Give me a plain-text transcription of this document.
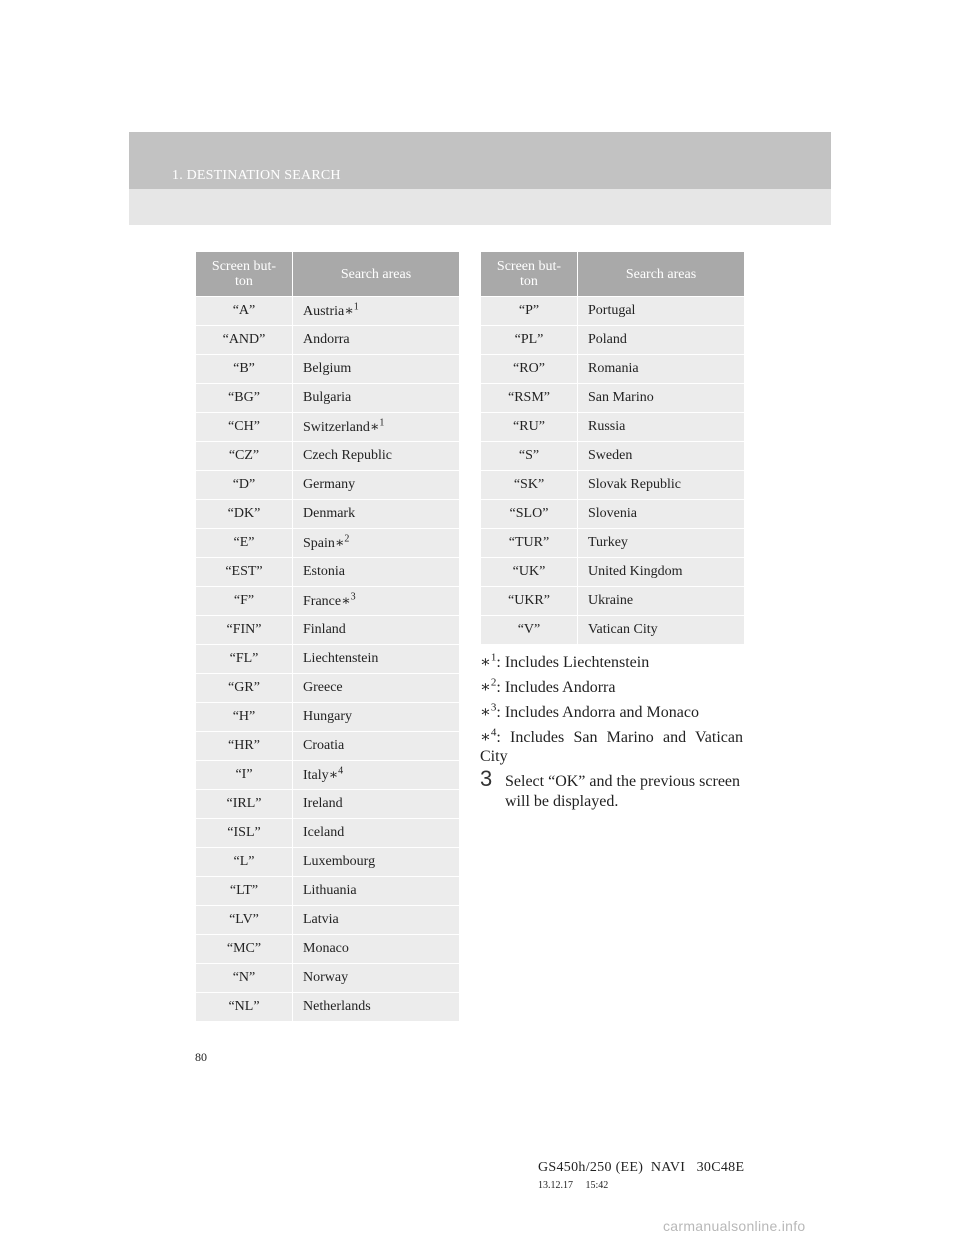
1. DESTINATION SEARCH
Screen but-
ton	Search areas
“A”	Austria∗$^1$
“AND”	Andorra
“B”	Belgium
“BG”	Bulgaria
“CH”	Switzerland∗$^1$
“CZ”	Czech Republic
“D”	Germany
“DK”	Denmark
“E”	Spain∗$^2$
“EST”	Estonia
“F”	France∗$^3$
“FIN”	Finland
“FL”	Liechtenstein
“GR”	Greece
“H”	Hungary
“HR”	Croatia
“I”	Italy∗$^4$
“IRL”	Ireland
“ISL”	Iceland
“L”	Luxembourg
“LT”	Lithuania
“LV”	Latvia
“MC”	Monaco
“N”	Norway
“NL”	Netherlands
Screen but-
ton	Search areas
“P”	Portugal
“PL”	Poland
“RO”	Romania
“RSM”	San Marino
“RU”	Russia
“S”	Sweden
“SK”	Slovak Republic
“SLO”	Slovenia
“TUR”	Turkey
“UK”	United Kingdom
“UKR”	Ukraine
“V”	Vatican City

∗$^1$: Includes Liechtenstein

∗$^2$: Includes Andorra

∗$^3$: Includes Andorra and Monaco

∗$^4$: Includes San Marino and Vatican City

3 Select “OK” and the previous screen will be displayed.
80
GS450h/250 (EE)  NAVI   30C48E
13.12.17     15:42
carmanualsonline.info
